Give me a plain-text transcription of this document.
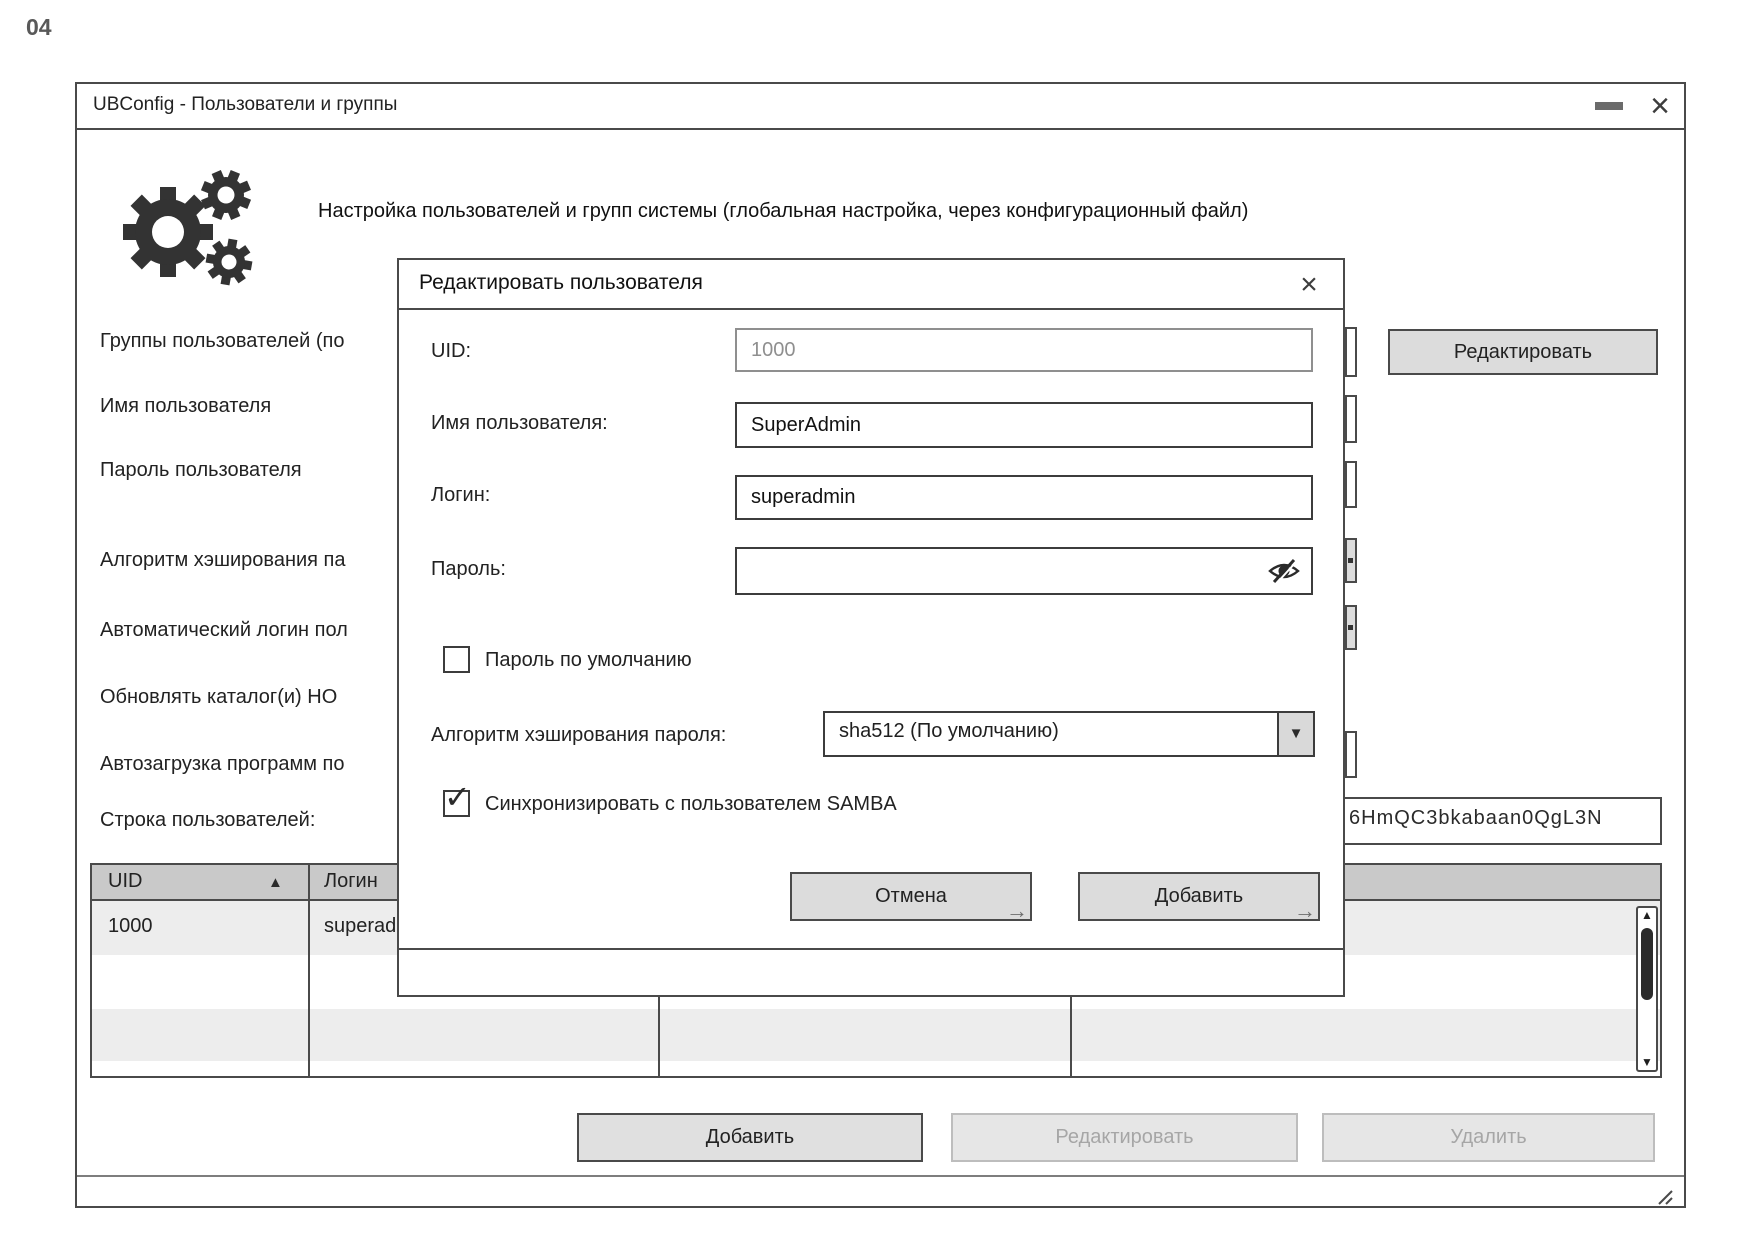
04
UBConfig - Пользователи и группы	×
Настройка пользователей и групп системы (глобальная настройка, через конфигурационный файл)
Группы пользователей (по
Имя пользователя
Пароль пользователя
Алгоритм хэширования па
Автоматический логин пол
Обновлять каталог(и) HO
Автозагрузка программ по
Строка пользователей:
Редактировать
6HmQC3bkabaan0QgL3N
UID	▲ Логин
1000	superad	▲
▼
Добавить	Редактировать	Удалить
Редактировать пользователя	×
UID:	1000
Имя пользователя:	SuperAdmin
Логин:	superadmin
Пароль:
Пароль по умолчанию
Алгоритм хэширования пароля:	sha512 (По умолчанию)	▼
✓ Синхронизировать с пользователем SAMBA
Отмена
→
Добавить
→
